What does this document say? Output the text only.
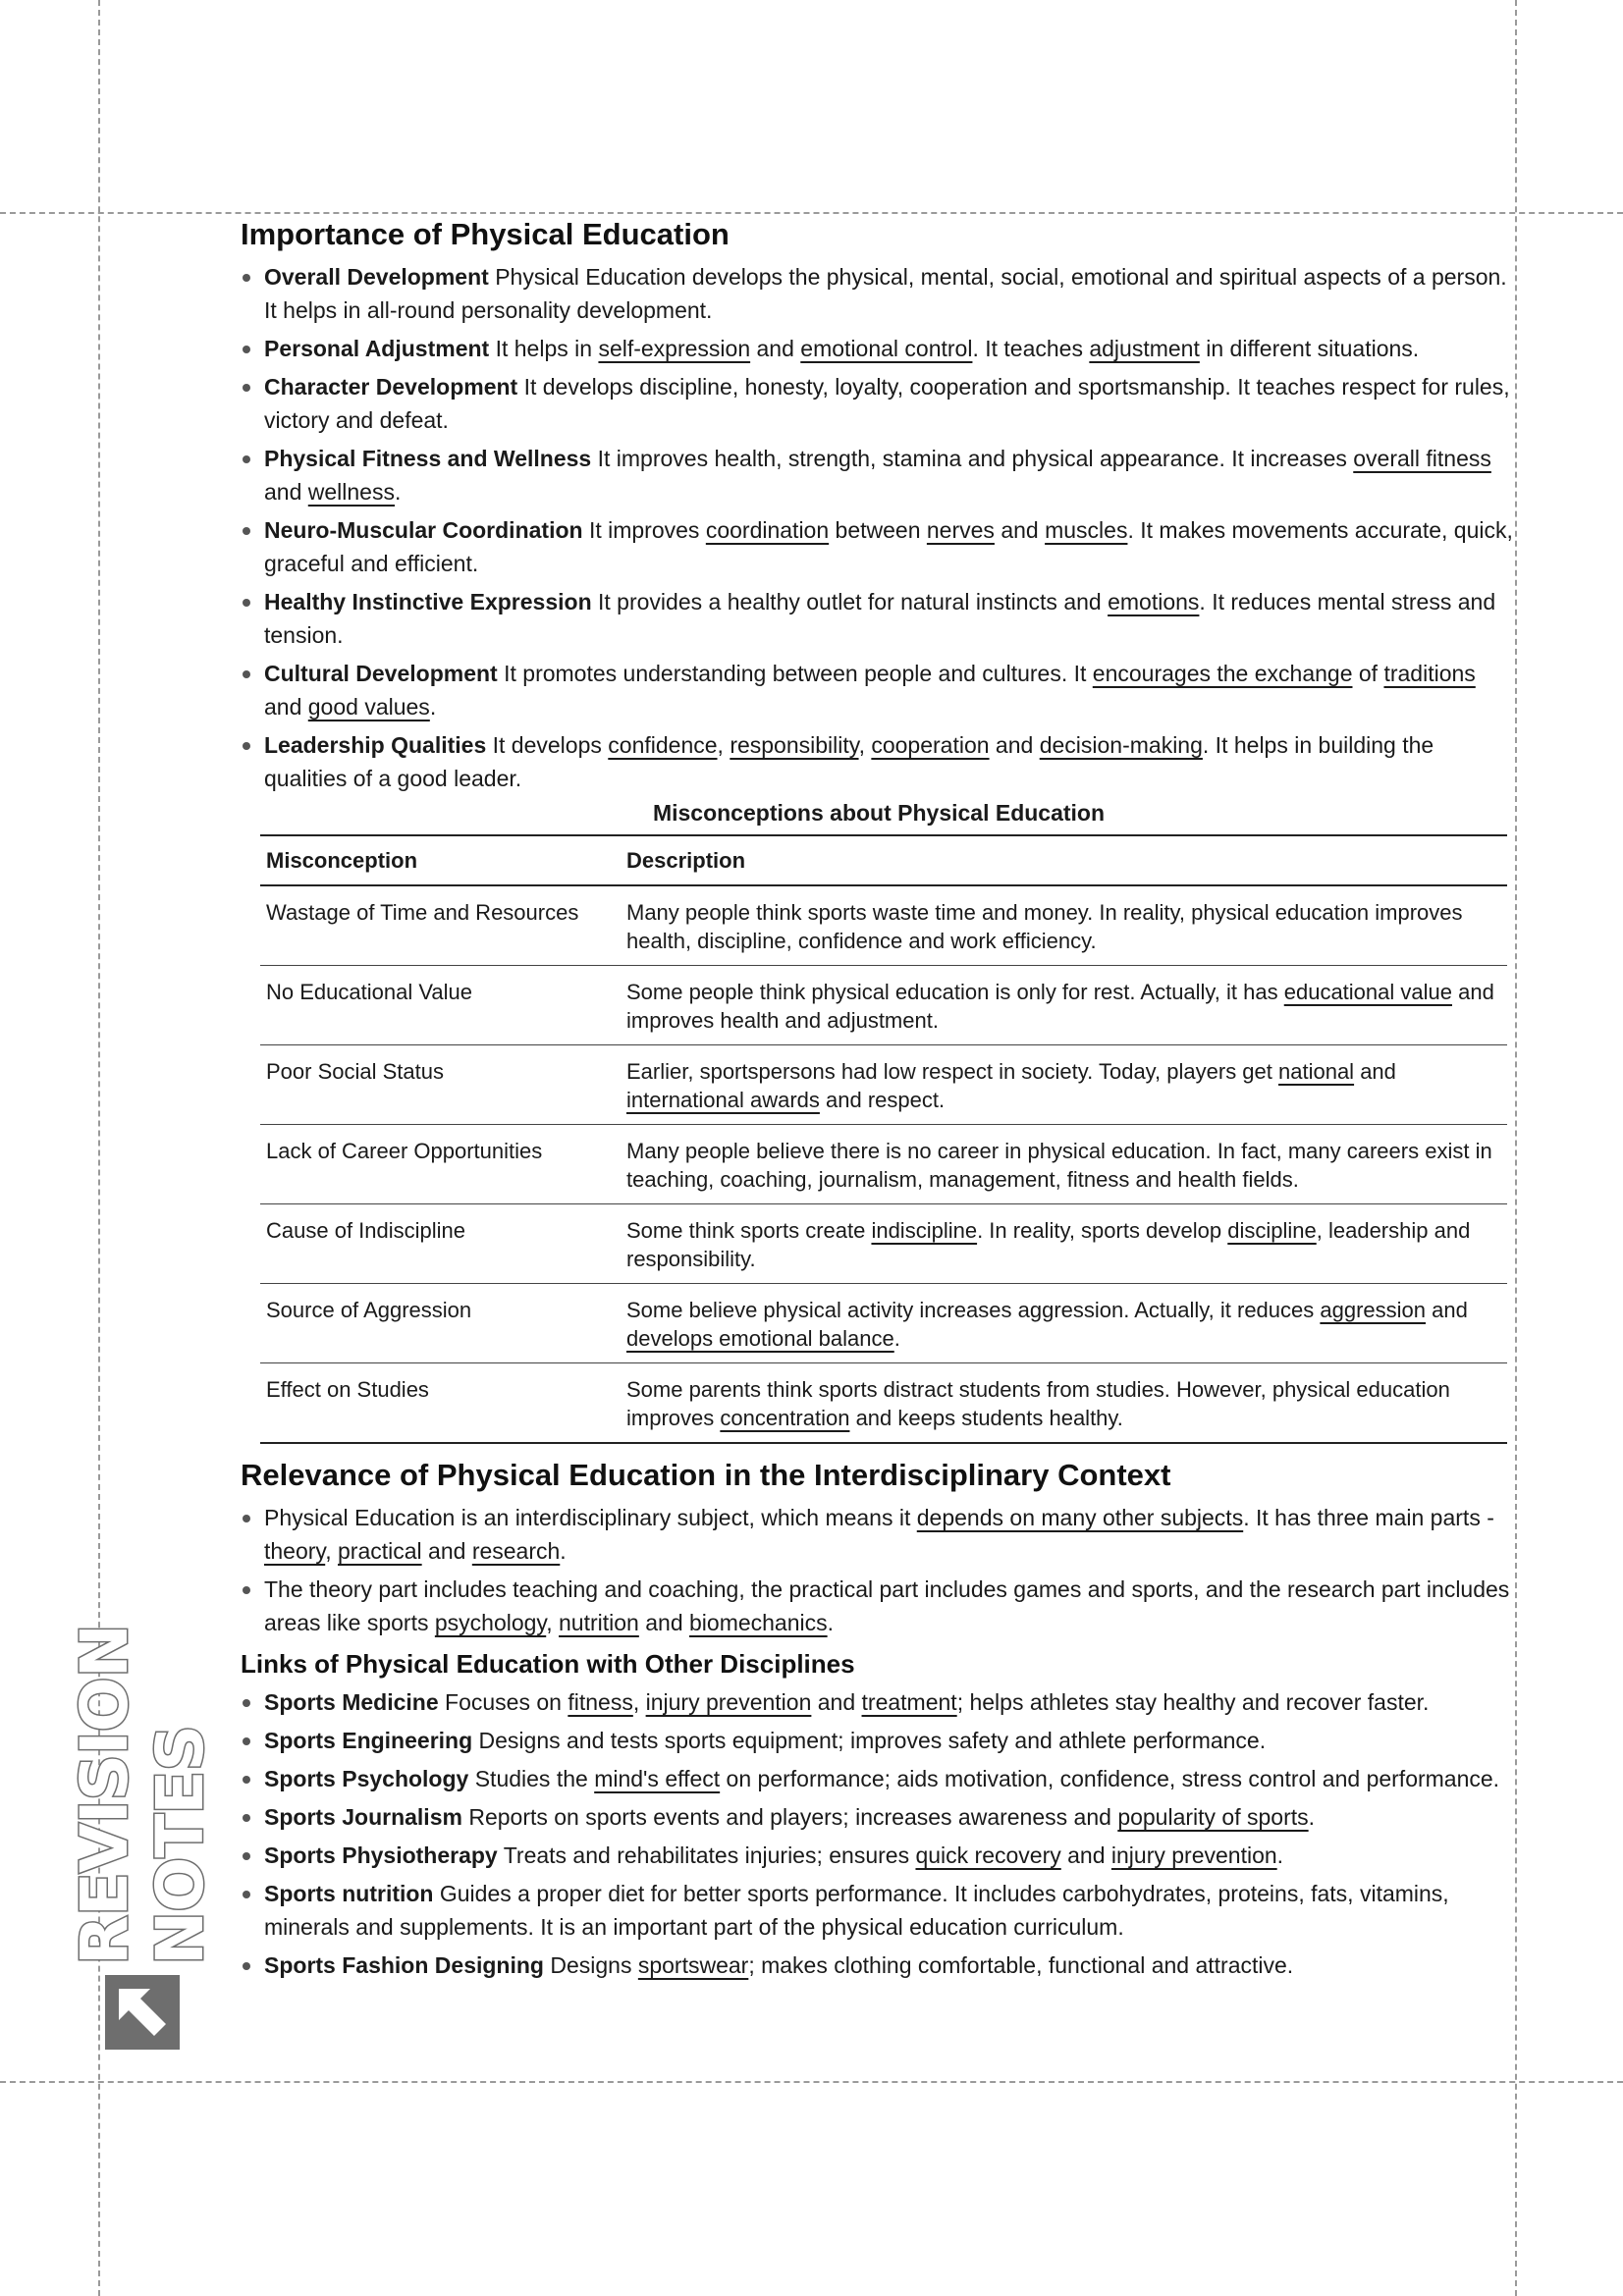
REVISION NOTES
Importance of Physical Education
Overall Development Physical Education develops the physical, mental, social, emotional and spiritual aspects of a person. It helps in all-round personality development.
Personal Adjustment It helps in self-expression and emotional control. It teaches adjustment in different situations.
Character Development It develops discipline, honesty, loyalty, cooperation and sportsmanship. It teaches respect for rules, victory and defeat.
Physical Fitness and Wellness It improves health, strength, stamina and physical appearance. It increases overall fitness and wellness.
Neuro-Muscular Coordination It improves coordination between nerves and muscles. It makes movements accurate, quick, graceful and efficient.
Healthy Instinctive Expression It provides a healthy outlet for natural instincts and emotions. It reduces mental stress and tension.
Cultural Development It promotes understanding between people and cultures. It encourages the exchange of traditions and good values.
Leadership Qualities It develops confidence, responsibility, cooperation and decision-making. It helps in building the qualities of a good leader.
Misconceptions about Physical Education
Misconception	Description
Wastage of Time and Resources	Many people think sports waste time and money. In reality, physical education improves health, discipline, confidence and work efficiency.
No Educational Value	Some people think physical education is only for rest. Actually, it has educational value and improves health and adjustment.
Poor Social Status	Earlier, sportspersons had low respect in society. Today, players get national and international awards and respect.
Lack of Career Opportunities	Many people believe there is no career in physical education. In fact, many careers exist in teaching, coaching, journalism, management, fitness and health fields.
Cause of Indiscipline	Some think sports create indiscipline. In reality, sports develop discipline, leadership and responsibility.
Source of Aggression	Some believe physical activity increases aggression. Actually, it reduces aggression and develops emotional balance.
Effect on Studies	Some parents think sports distract students from studies. However, physical education improves concentration and keeps students healthy.
Relevance of Physical Education in the Interdisciplinary Context
Physical Education is an interdisciplinary subject, which means it depends on many other subjects. It has three main parts - theory, practical and research.
The theory part includes teaching and coaching, the practical part includes games and sports, and the research part includes areas like sports psychology, nutrition and biomechanics.
Links of Physical Education with Other Disciplines
Sports Medicine Focuses on fitness, injury prevention and treatment; helps athletes stay healthy and recover faster.
Sports Engineering Designs and tests sports equipment; improves safety and athlete performance.
Sports Psychology Studies the mind's effect on performance; aids motivation, confidence, stress control and performance.
Sports Journalism Reports on sports events and players; increases awareness and popularity of sports.
Sports Physiotherapy Treats and rehabilitates injuries; ensures quick recovery and injury prevention.
Sports nutrition Guides a proper diet for better sports performance. It includes carbohydrates, proteins, fats, vitamins, minerals and supplements. It is an important part of the physical education curriculum.
Sports Fashion Designing Designs sportswear; makes clothing comfortable, functional and attractive.
